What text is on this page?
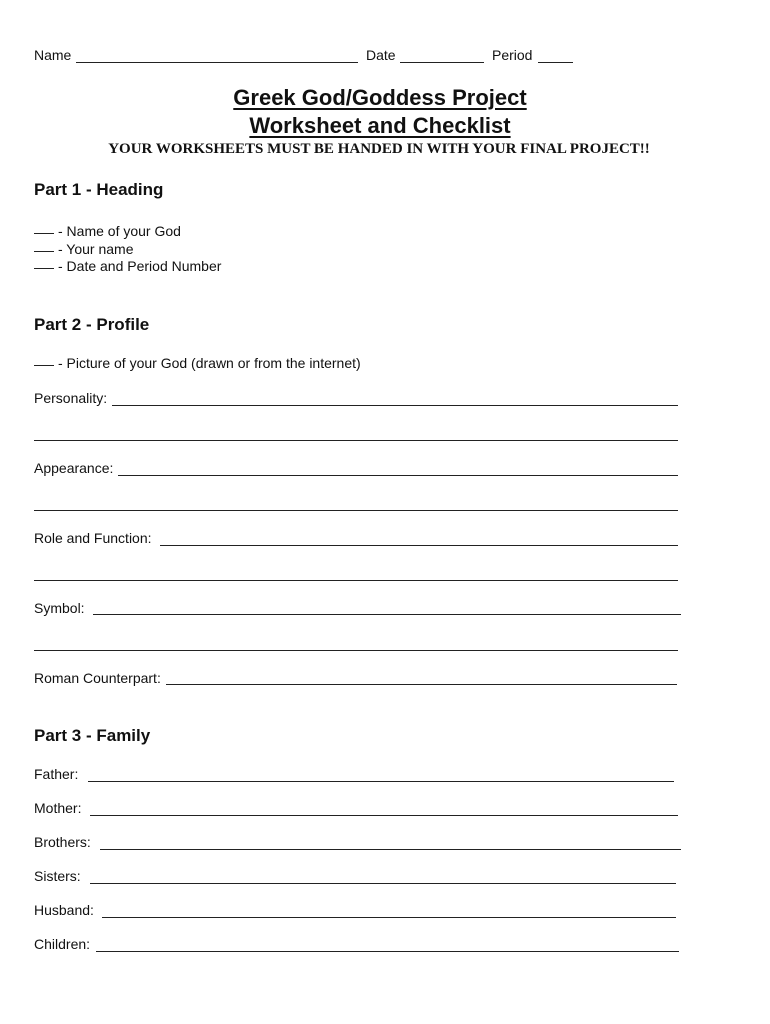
Name	Date	Period
Greek God/Goddess Project
Worksheet and Checklist
YOUR WORKSHEETS MUST BE HANDED IN WITH YOUR FINAL PROJECT!!
Part 1 - Heading
- Name of your God
- Your name
- Date and Period Number
Part 2 - Profile
- Picture of your God (drawn or from the internet)
Personality:
Appearance:
Role and Function:
Symbol:
Roman Counterpart:
Part 3 - Family
Father:
Mother:
Brothers:
Sisters:
Husband:
Children:
